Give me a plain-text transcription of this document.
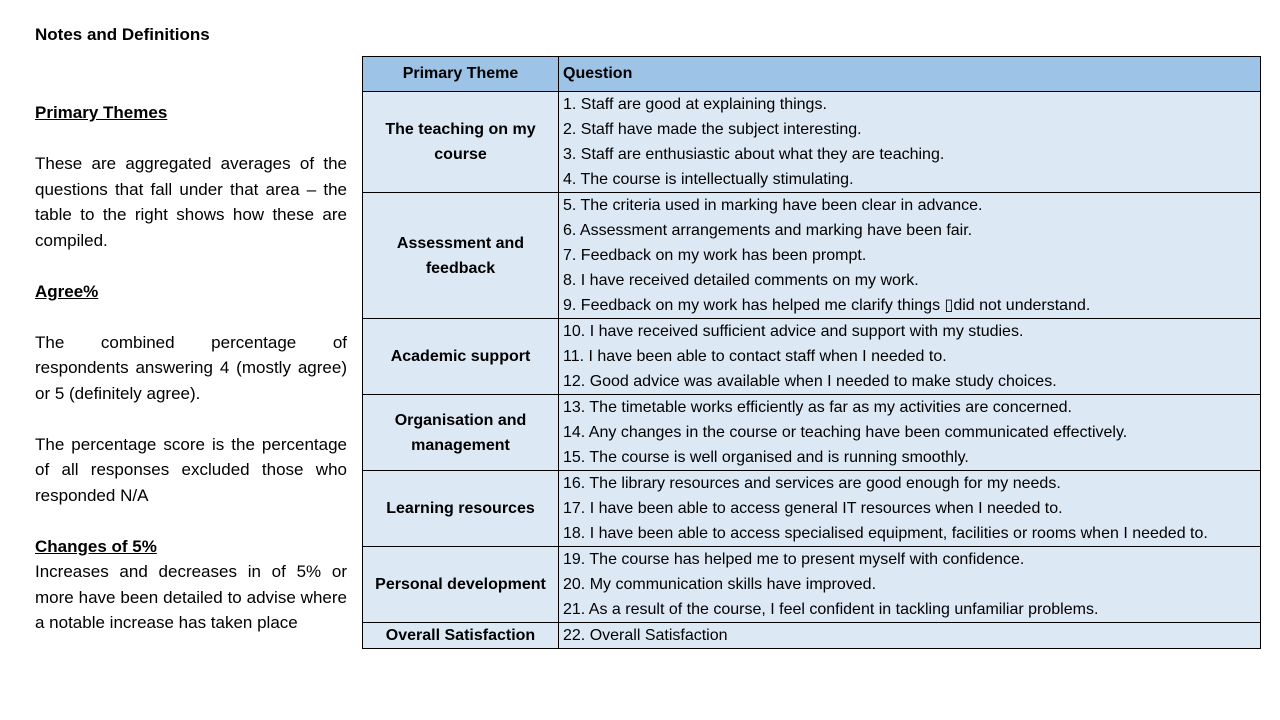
Notes and Definitions
Primary Themes
These are aggregated averages of the questions that fall under that area – the table to the right shows how these are compiled.
Agree%
The combined percentage of respondents answering 4 (mostly agree) or 5 (definitely agree).
The percentage score is the percentage of all responses excluded those who responded N/A
Changes of 5%
Increases and decreases in of 5% or more have been detailed to advise where a notable increase has taken place
Primary Theme	Question

The teaching on my course	1. Staff are good at explaining things.
2. Staff have made the subject interesting.
3. Staff are enthusiastic about what they are teaching.
4. The course is intellectually stimulating.

Assessment and feedback	5. The criteria used in marking have been clear in advance.
6. Assessment arrangements and marking have been fair.
7. Feedback on my work has been prompt.
8. I have received detailed comments on my work.
9. Feedback on my work has helped me clarify things ▯did not understand.

Academic support	10. I have received sufficient advice and support with my studies.
11. I have been able to contact staff when I needed to.
12. Good advice was available when I needed to make study choices.

Organisation and management	13. The timetable works efficiently as far as my activities are concerned.
14. Any changes in the course or teaching have been communicated effectively.
15. The course is well organised and is running smoothly.

Learning resources	16. The library resources and services are good enough for my needs.
17. I have been able to access general IT resources when I needed to.
18. I have been able to access specialised equipment, facilities or rooms when I needed to.

Personal development	19. The course has helped me to present myself with confidence.
20. My communication skills have improved.
21. As a result of the course, I feel confident in tackling unfamiliar problems.

Overall Satisfaction	22. Overall Satisfaction
